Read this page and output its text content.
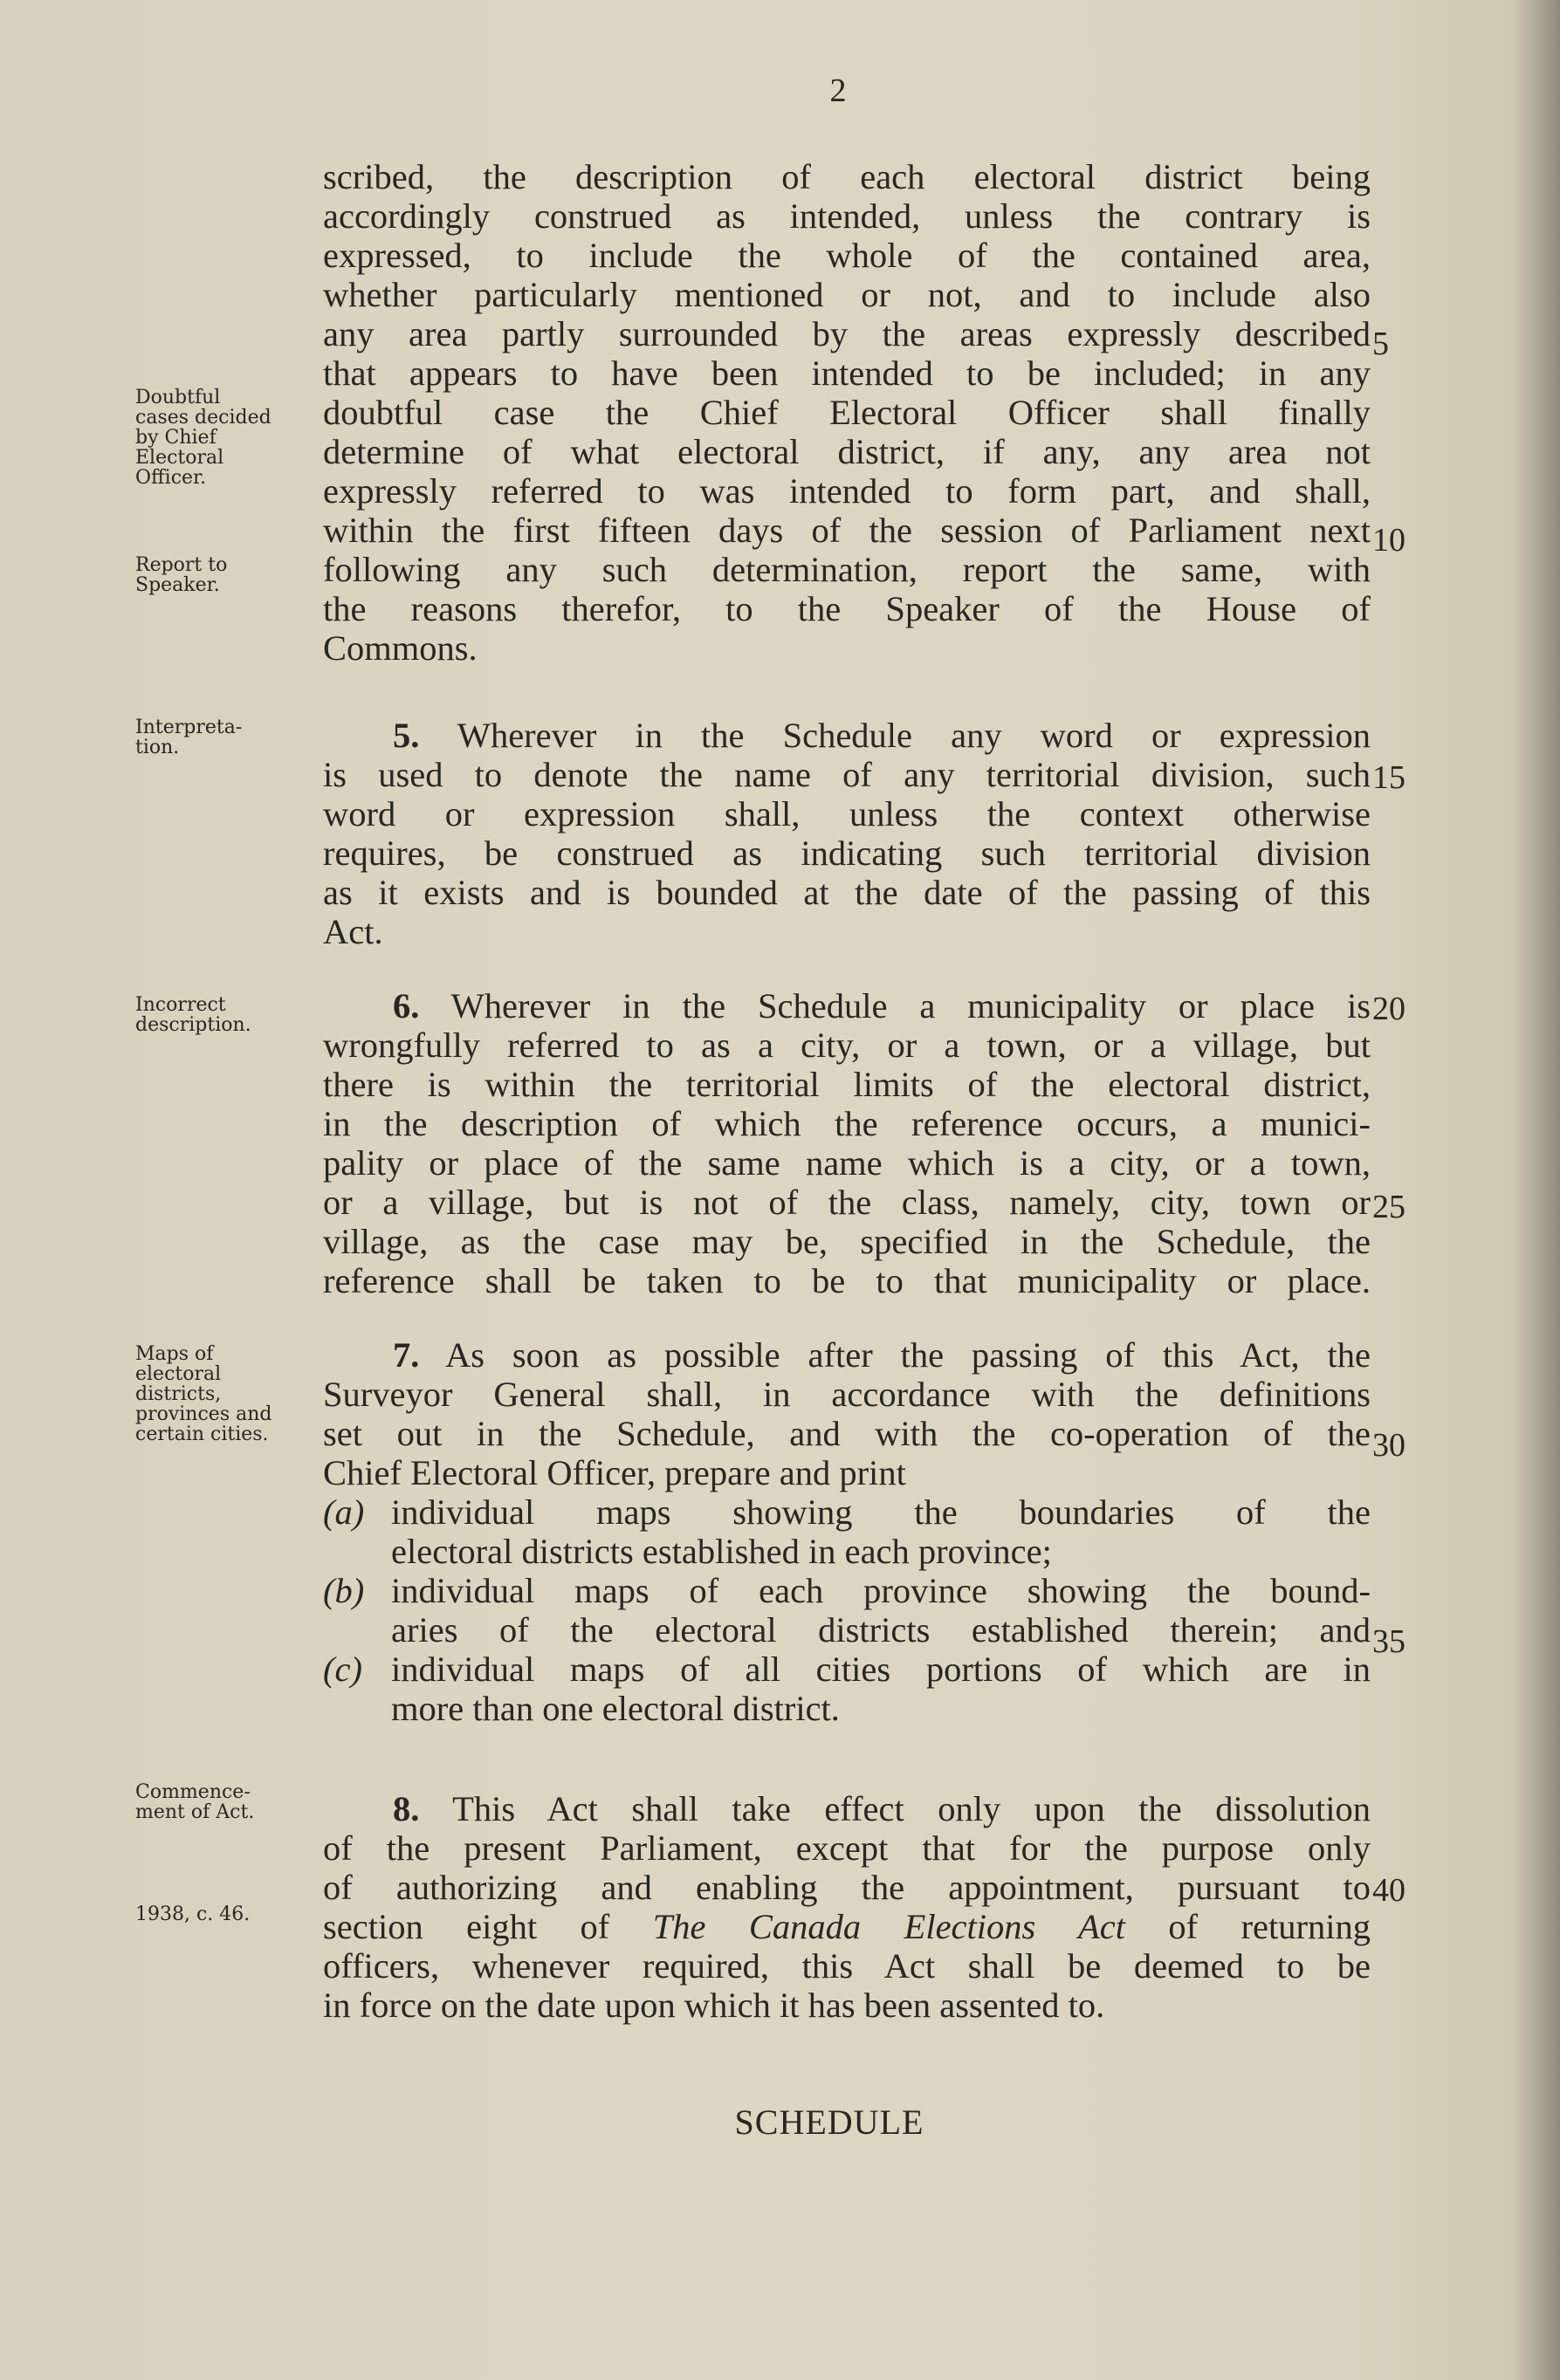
2
scribed, the description of each electoral district being
accordingly construed as intended, unless the contrary is
expressed, to include the whole of the contained area,
whether particularly mentioned or not, and to include also
any area partly surrounded by the areas expressly described
that appears to have been intended to be included; in any
doubtful case the Chief Electoral Officer shall finally
determine of what electoral district, if any, any area not
expressly referred to was intended to form part, and shall,
within the first fifteen days of the session of Parliament next
following any such determination, report the same, with
the reasons therefor, to the Speaker of the House of
Commons.
5. Wherever in the Schedule any word or expression
is used to denote the name of any territorial division, such
word or expression shall, unless the context otherwise
requires, be construed as indicating such territorial division
as it exists and is bounded at the date of the passing of this
Act.
6. Wherever in the Schedule a municipality or place is
wrongfully referred to as a city, or a town, or a village, but
there is within the territorial limits of the electoral district,
in the description of which the reference occurs, a munici-
pality or place of the same name which is a city, or a town,
or a village, but is not of the class, namely, city, town or
village, as the case may be, specified in the Schedule, the
reference shall be taken to be to that municipality or place.
7. As soon as possible after the passing of this Act, the
Surveyor General shall, in accordance with the definitions
set out in the Schedule, and with the co-operation of the
Chief Electoral Officer, prepare and print
(a) individual maps showing the boundaries of the
electoral districts established in each province;
(b) individual maps of each province showing the bound-
aries of the electoral districts established therein; and
(c) individual maps of all cities portions of which are in
more than one electoral district.
8. This Act shall take effect only upon the dissolution
of the present Parliament, except that for the purpose only
of authorizing and enabling the appointment, pursuant to
section eight of The Canada Elections Act of returning
officers, whenever required, this Act shall be deemed to be
in force on the date upon which it has been assented to.
Doubtful
cases decided
by Chief
Electoral
Officer.
Report to
Speaker.
Interpreta-
tion.
Incorrect
description.
Maps of
electoral
districts,
provinces and
certain cities.
Commence-
ment of Act.
1938, c. 46.
5
10
15
20
25
30
35
40
SCHEDULE
